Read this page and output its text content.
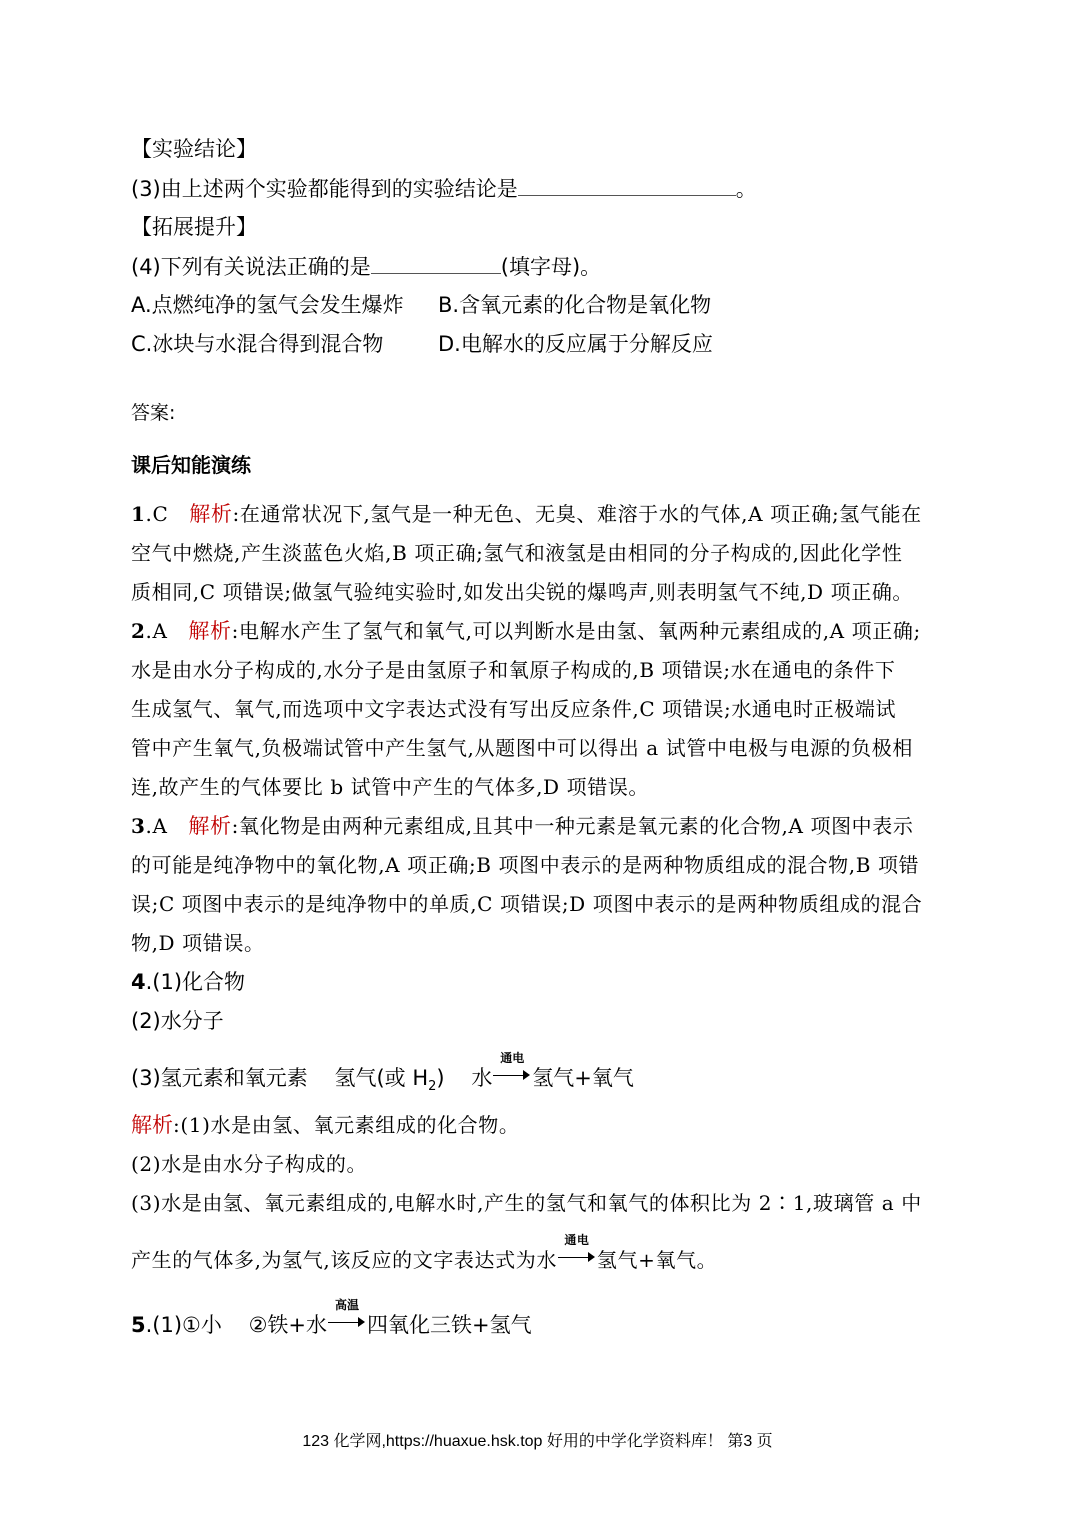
【实验结论】
(3)由上述两个实验都能得到的实验结论是	。
【拓展提升】
(4)下列有关说法正确的是	(填字母)。
A.点燃纯净的氢气会发生爆炸 B.含氧元素的化合物是氧化物
C.冰块与水混合得到混合物	D.电解水的反应属于分解反应
答案:
课后知能演练
1.C 解析:在通常状况下,氢气是一种无色、无臭、难溶于水的气体,A 项正确;氢气能在
空气中燃烧,产生淡蓝色火焰,B 项正确;氢气和液氢是由相同的分子构成的,因此化学性
质相同,C 项错误;做氢气验纯实验时,如发出尖锐的爆鸣声,则表明氢气不纯,D 项正确。
2.A 解析:电解水产生了氢气和氧气,可以判断水是由氢、氧两种元素组成的,A 项正确;
水是由水分子构成的,水分子是由氢原子和氧原子构成的,B 项错误;水在通电的条件下
生成氢气、氧气,而选项中文字表达式没有写出反应条件,C 项错误;水通电时正极端试
管中产生氧气,负极端试管中产生氢气,从题图中可以得出 a 试管中电极与电源的负极相
连,故产生的气体要比 b 试管中产生的气体多,D 项错误。
3.A 解析:氧化物是由两种元素组成,且其中一种元素是氧元素的化合物,A 项图中表示
的可能是纯净物中的氧化物,A 项正确;B 项图中表示的是两种物质组成的混合物,B 项错
误;C 项图中表示的是纯净物中的单质,C 项错误;D 项图中表示的是两种物质组成的混合
物,D 项错误。
4.(1)化合物
(2)水分子
(3)氢元素和氧元素 氢气(或 $H_2$) 水
通电
氢气+氧气
解析:(1)水是由氢、氧元素组成的化合物。
(2)水是由水分子构成的。
(3)水是由氢、氧元素组成的,电解水时,产生的氢气和氧气的体积比为 2∶1,玻璃管 a 中
产生的气体多,为氢气,该反应的文字表达式为水
通电
氢气+氧气。
5.(1)①小 ②铁+水
高温
四氧化三铁+氢气
123 化学网,https://huaxue.hsk.top 好用的中学化学资料库！ 第3 页
